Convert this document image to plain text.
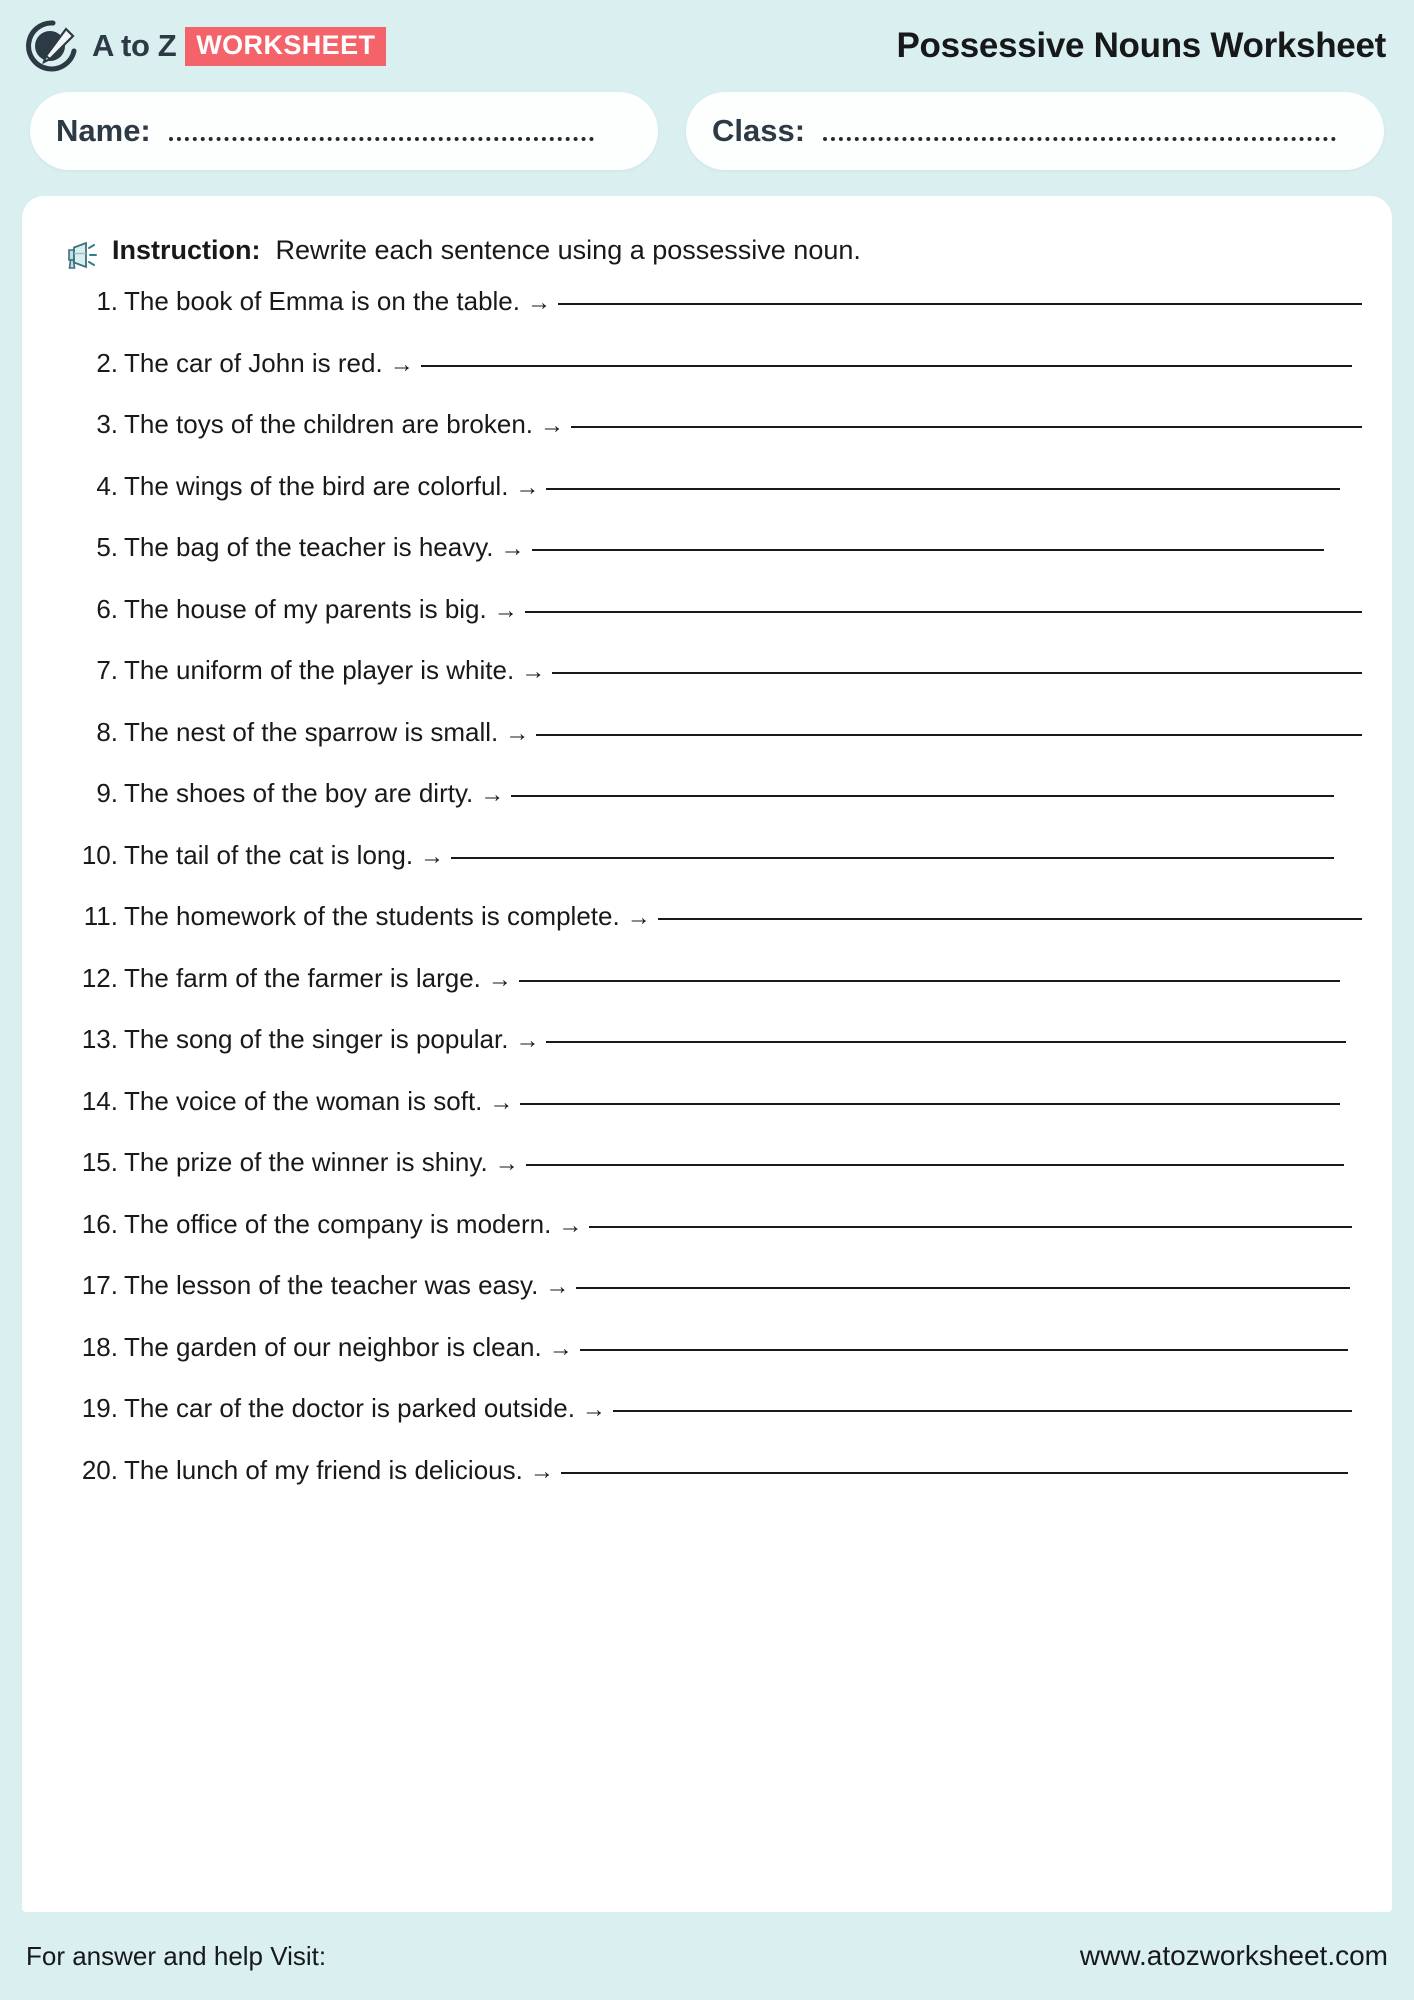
A to Z WORKSHEET	Possessive Nouns Worksheet
Name:	Class:
Instruction: Rewrite each sentence using a possessive noun.
1. The book of Emma is on the table. →
2. The car of John is red. →
3. The toys of the children are broken. →
4. The wings of the bird are colorful. →
5. The bag of the teacher is heavy. →
6. The house of my parents is big. →
7. The uniform of the player is white. →
8. The nest of the sparrow is small. →
9. The shoes of the boy are dirty. →
10. The tail of the cat is long. →
11. The homework of the students is complete. →
12. The farm of the farmer is large. →
13. The song of the singer is popular. →
14. The voice of the woman is soft. →
15. The prize of the winner is shiny. →
16. The office of the company is modern. →
17. The lesson of the teacher was easy. →
18. The garden of our neighbor is clean. →
19. The car of the doctor is parked outside. →
20. The lunch of my friend is delicious. →
For answer and help Visit:	www.atozworksheet.com
